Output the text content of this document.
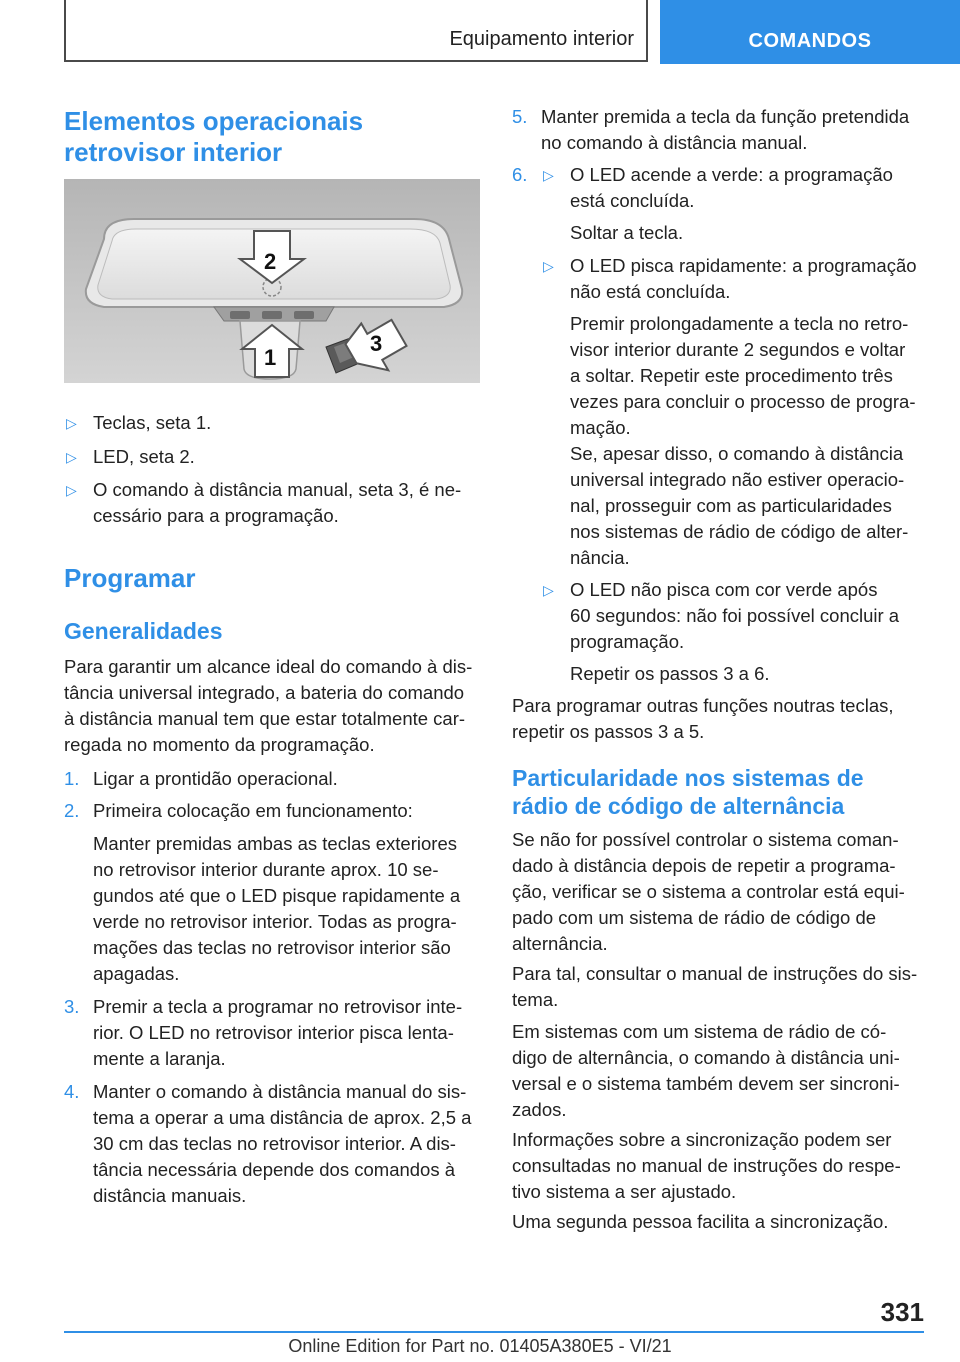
Equipamento interior	COMANDOS
Elementos operacionais
retrovisor interior
2
1
3
▷ Teclas, seta 1.
▷ LED, seta 2.
▷ O comando à distância manual, seta 3, é ne-
cessário para a programação.
Programar
Generalidades
Para garantir um alcance ideal do comando à dis-
tância universal integrado, a bateria do comando
à distância manual tem que estar totalmente car-
regada no momento da programação.
1. Ligar a prontidão operacional.
2. Primeira colocação em funcionamento:
Manter premidas ambas as teclas exteriores
no retrovisor interior durante aprox. 10 se-
gundos até que o LED pisque rapidamente a
verde no retrovisor interior. Todas as progra-
mações das teclas no retrovisor interior são
apagadas.
3. Premir a tecla a programar no retrovisor inte-
rior. O LED no retrovisor interior pisca lenta-
mente a laranja.
4. Manter o comando à distância manual do sis-
tema a operar a uma distância de aprox. 2,5 a
30 cm das teclas no retrovisor interior. A dis-
tância necessária depende dos comandos à
distância manuais.
5. Manter premida a tecla da função pretendida
no comando à distância manual.
6. ▷ O LED acende a verde: a programação
está concluída.
Soltar a tecla.
▷ O LED pisca rapidamente: a programação
não está concluída.
Premir prolongadamente a tecla no retro-
visor interior durante 2 segundos e voltar
a soltar. Repetir este procedimento três
vezes para concluir o processo de progra-
mação.
Se, apesar disso, o comando à distância
universal integrado não estiver operacio-
nal, prosseguir com as particularidades
nos sistemas de rádio de código de alter-
nância.
▷ O LED não pisca com cor verde após
60 segundos: não foi possível concluir a
programação.
Repetir os passos 3 a 6.
Para programar outras funções noutras teclas,
repetir os passos 3 a 5.
Particularidade nos sistemas de
rádio de código de alternância
Se não for possível controlar o sistema coman-
dado à distância depois de repetir a programa-
ção, verificar se o sistema a controlar está equi-
pado com um sistema de rádio de código de
alternância.
Para tal, consultar o manual de instruções do sis-
tema.
Em sistemas com um sistema de rádio de có-
digo de alternância, o comando à distância uni-
versal e o sistema também devem ser sincroni-
zados.
Informações sobre a sincronização podem ser
consultadas no manual de instruções do respe-
tivo sistema a ser ajustado.
Uma segunda pessoa facilita a sincronização.
331
Online Edition for Part no. 01405A380E5 - VI/21
